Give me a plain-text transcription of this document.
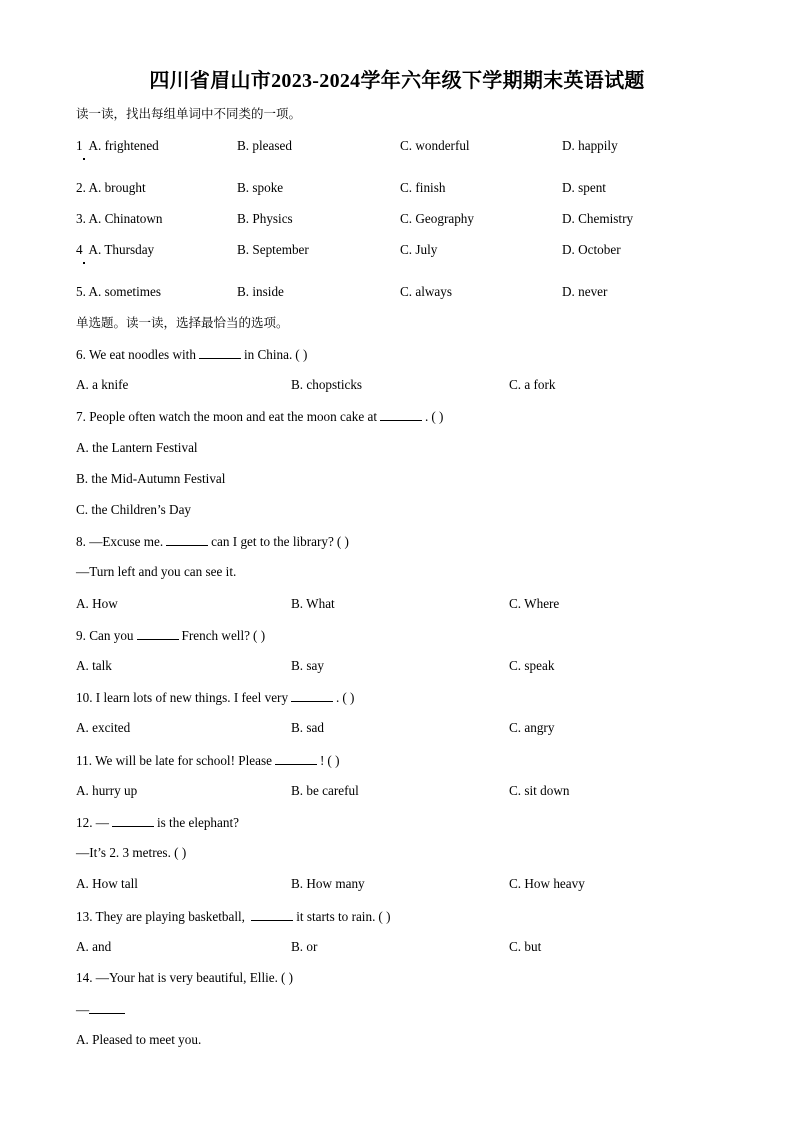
四川省眉山市2023-2024学年六年级下学期期末英语试题
读一读，找出每组单词中不同类的一项。
1 A. frightened	B. pleased	C. wonderful	D. happily
2. A. brought	B. spoke	C. finish	D. spent
3. A. Chinatown	B. Physics	C. Geography	D. Chemistry
4 A. Thursday	B. September	C. July	D. October
5. A. sometimes	B. inside	C. always	D. never
单选题。读一读，选择最恰当的选项。
6. We eat noodles with	in China. ( )
A. a knife	B. chopsticks	C. a fork
7. People often watch the moon and eat the moon cake at	. ( )
A. the Lantern Festival
B. the Mid-Autumn Festival
C. the Children’s Day
8. —Excuse me.	can I get to the library? ( )
—Turn left and you can see it.
A. How	B. What	C. Where
9. Can you	French well? ( )
A. talk	B. say	C. speak
10. I learn lots of new things. I feel very	. ( )
A. excited	B. sad	C. angry
11. We will be late for school! Please	! ( )
A. hurry up	B. be careful	C. sit down
12. —	is the elephant?
—It’s 2. 3 metres. ( )
A. How tall	B. How many	C. How heavy
13. They are playing basketball,	it starts to rain. ( )
A. and	B. or	C. but
14. —Your hat is very beautiful, Ellie. ( )
—
A. Pleased to meet you.
